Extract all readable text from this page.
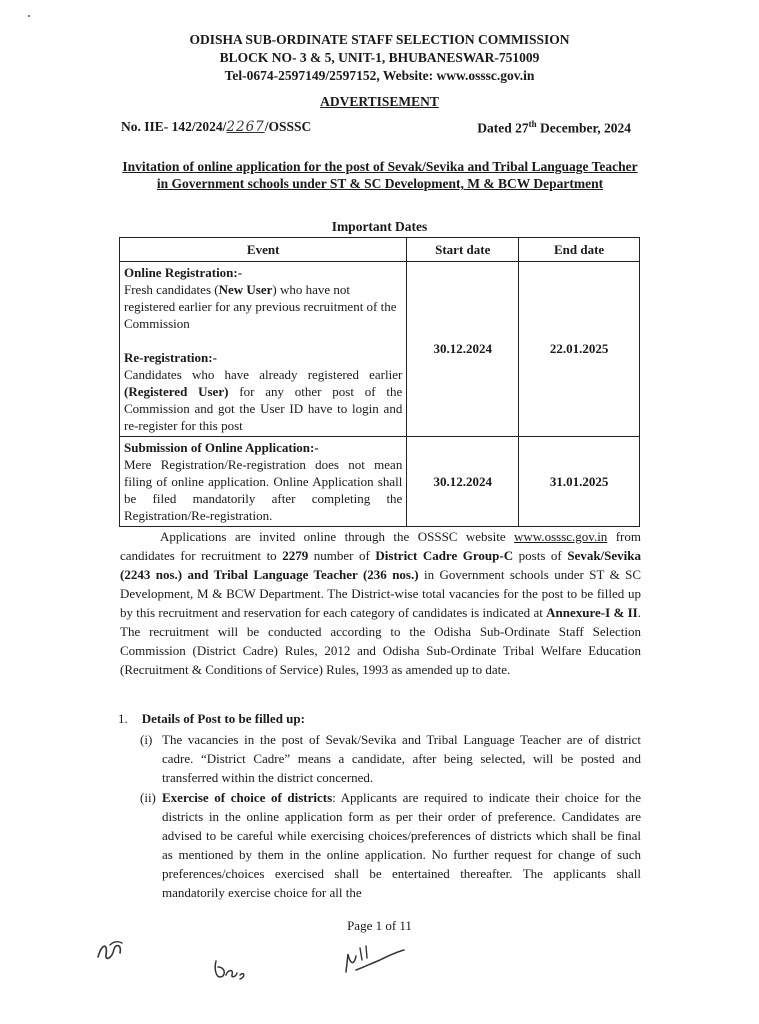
ODISHA SUB-ORDINATE STAFF SELECTION COMMISSION
BLOCK NO- 3 & 5, UNIT-1, BHUBANESWAR-751009
Tel-0674-2597149/2597152, Website: www.osssc.gov.in
ADVERTISEMENT
No. IIE- 142/2024/2267/OSSSC	Dated 27th December, 2024
Invitation of online application for the post of Sevak/Sevika and Tribal Language Teacher in Government schools under ST & SC Development, M & BCW Department
Important Dates
Event	Start date	End date

Online Registration:-
Fresh candidates (New User) who have not registered earlier for any previous recruitment of the Commission
Re-registration:-
Candidates who have already registered earlier (Registered User) for any other post of the Commission and got the User ID have to login and re-register for this post	30.12.2024	22.01.2025

Submission of Online Application:-
Mere Registration/Re-registration does not mean filing of online application. Online Application shall be filed mandatorily after completing the Registration/Re-registration.	30.12.2024	31.01.2025
Applications are invited online through the OSSSC website www.osssc.gov.in from candidates for recruitment to 2279 number of District Cadre Group-C posts of Sevak/Sevika (2243 nos.) and Tribal Language Teacher (236 nos.) in Government schools under ST & SC Development, M & BCW Department. The District-wise total vacancies for the post to be filled up by this recruitment and reservation for each category of candidates is indicated at Annexure-I & II. The recruitment will be conducted according to the Odisha Sub-Ordinate Staff Selection Commission (District Cadre) Rules, 2012 and Odisha Sub-Ordinate Tribal Welfare Education (Recruitment & Conditions of Service) Rules, 1993 as amended up to date.
1. Details of Post to be filled up:
(i) The vacancies in the post of Sevak/Sevika and Tribal Language Teacher are of district cadre. “District Cadre” means a candidate, after being selected, will be posted and transferred within the district concerned.
(ii) Exercise of choice of districts: Applicants are required to indicate their choice for the districts in the online application form as per their order of preference. Candidates are advised to be careful while exercising choices/preferences of districts which shall be final as mentioned by them in the online application. No further request for change of such preferences/choices exercised shall be entertained thereafter. The applicants shall mandatorily exercise choice for all the
Page 1 of 11
